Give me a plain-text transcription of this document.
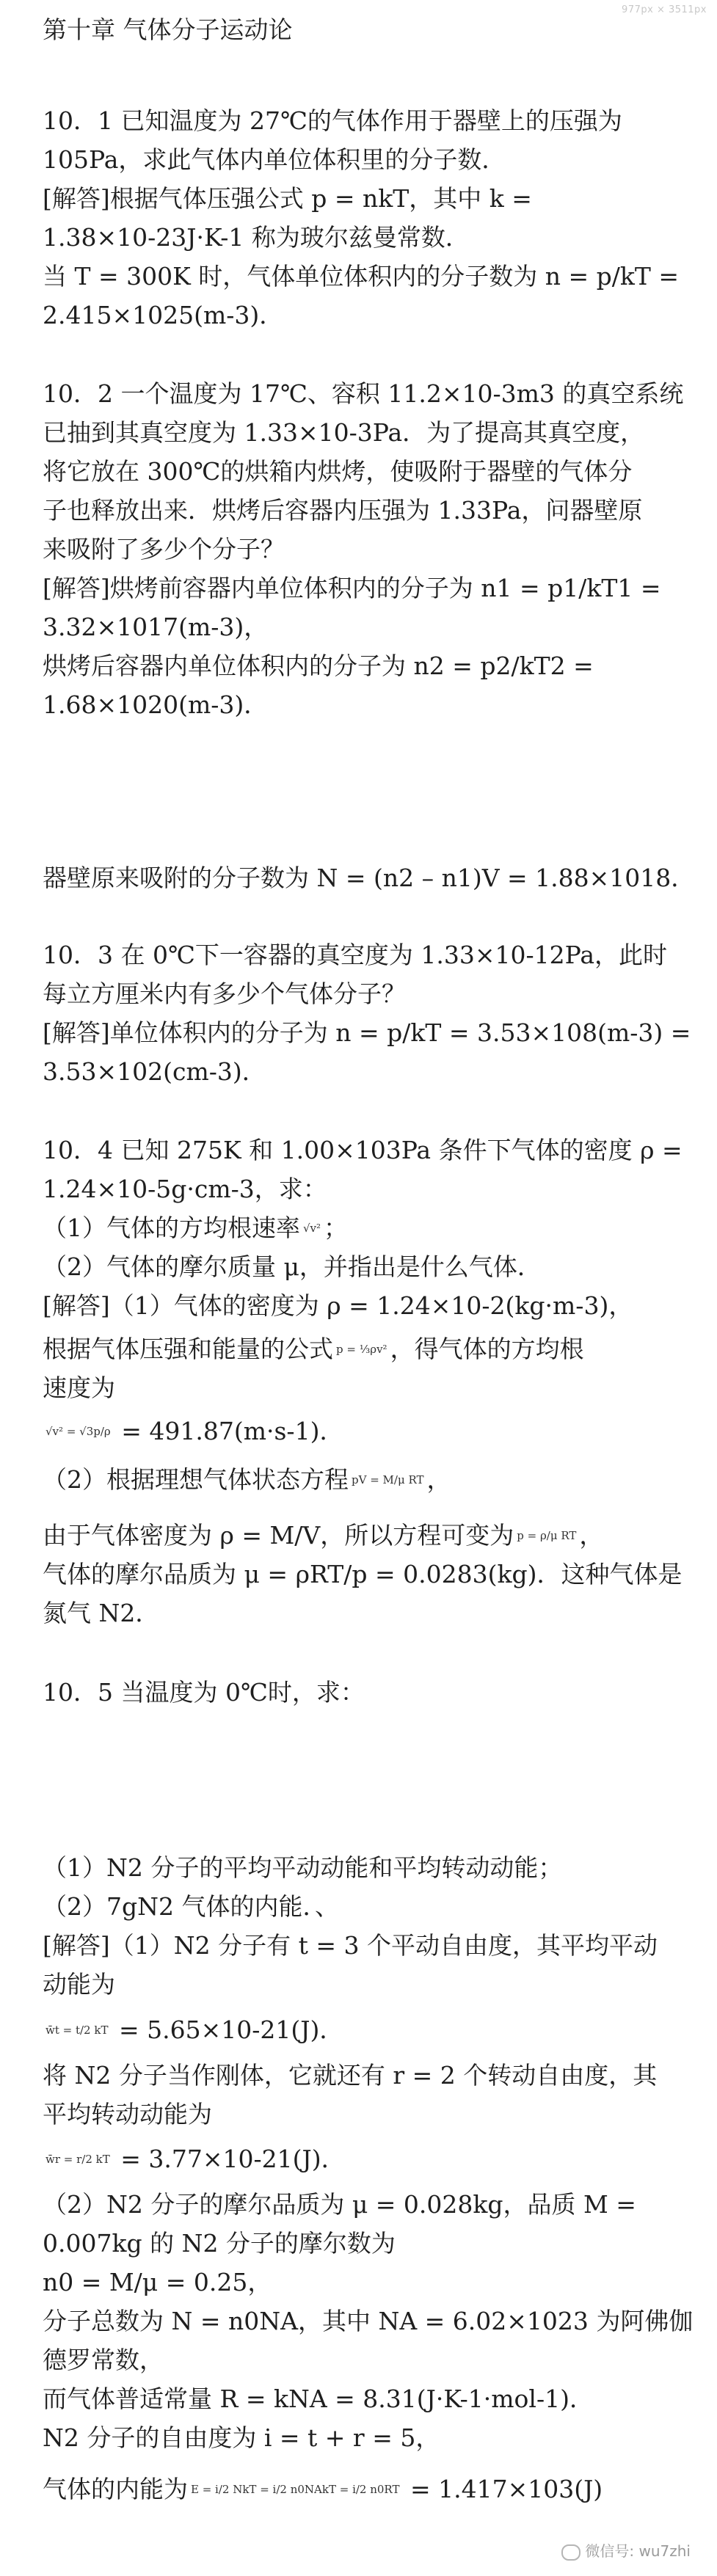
977px × 3511px
第十章 气体分子运动论
10．1 已知温度为 27℃的气体作用于器壁上的压强为
105Pa，求此气体内单位体积里的分子数．
[解答]根据气体压强公式 p = nkT，其中 k =
1.38×10-23J·K-1 称为玻尔兹曼常数．
当 T = 300K 时，气体单位体积内的分子数为 n = p/kT =
2.415×1025(m-3)．
10．2 一个温度为 17℃、容积 11.2×10-3m3 的真空系统
已抽到其真空度为 1.33×10-3Pa．为了提高其真空度，
将它放在 300℃的烘箱内烘烤，使吸附于器壁的气体分
子也释放出来．烘烤后容器内压强为 1.33Pa，问器壁原
来吸附了多少个分子？
[解答]烘烤前容器内单位体积内的分子为 n1 = p1/kT1 =
3.32×1017(m-3)，
烘烤后容器内单位体积内的分子为 n2 = p2/kT2 =
1.68×1020(m-3)．
器壁原来吸附的分子数为 N = (n2 – n1)V = 1.88×1018．
10．3 在 0℃下一容器的真空度为 1.33×10-12Pa，此时
每立方厘米内有多少个气体分子？
[解答]单位体积内的分子为 n = p/kT = 3.53×108(m-3) =
3.53×102(cm-3)．
10．4 已知 275K 和 1.00×103Pa 条件下气体的密度 ρ =
1.24×10-5g·cm-3，求：
（1）气体的方均根速率 √v² ；
（2）气体的摩尔质量 μ，并指出是什么气体．
[解答]（1）气体的密度为 ρ = 1.24×10-2(kg·m-3)，
根据气体压强和能量的公式 p = ⅓ρv² ，得气体的方均根
速度为
√v² = √3p/ρ = 491.87(m·s-1)．
（2）根据理想气体状态方程 pV = M/μ RT ，
由于气体密度为 ρ = M/V，所以方程可变为 p = ρ/μ RT ，
气体的摩尔品质为 μ = ρRT/p = 0.0283(kg)．这种气体是
氮气 N2．
10．5 当温度为 0℃时，求：
（1）N2 分子的平均平动动能和平均转动动能；
（2）7gN2 气体的内能．、
[解答]（1）N2 分子有 t = 3 个平动自由度，其平均平动
动能为
w̄t = t/2 kT = 5.65×10-21(J)．
将 N2 分子当作刚体，它就还有 r = 2 个转动自由度，其
平均转动动能为
w̄r = r/2 kT = 3.77×10-21(J)．
（2）N2 分子的摩尔品质为 μ = 0.028kg，品质 M =
0.007kg 的 N2 分子的摩尔数为
n0 = M/μ = 0.25，
分子总数为 N = n0NA，其中 NA = 6.02×1023 为阿佛伽
德罗常数，
而气体普适常量 R = kNA = 8.31(J·K-1·mol-1)．
N2 分子的自由度为 i = t + r = 5，
气体的内能为 E = i/2 NkT = i/2 n0NAkT = i/2 n0RT = 1.417×103(J)
微信号: wu7zhi
